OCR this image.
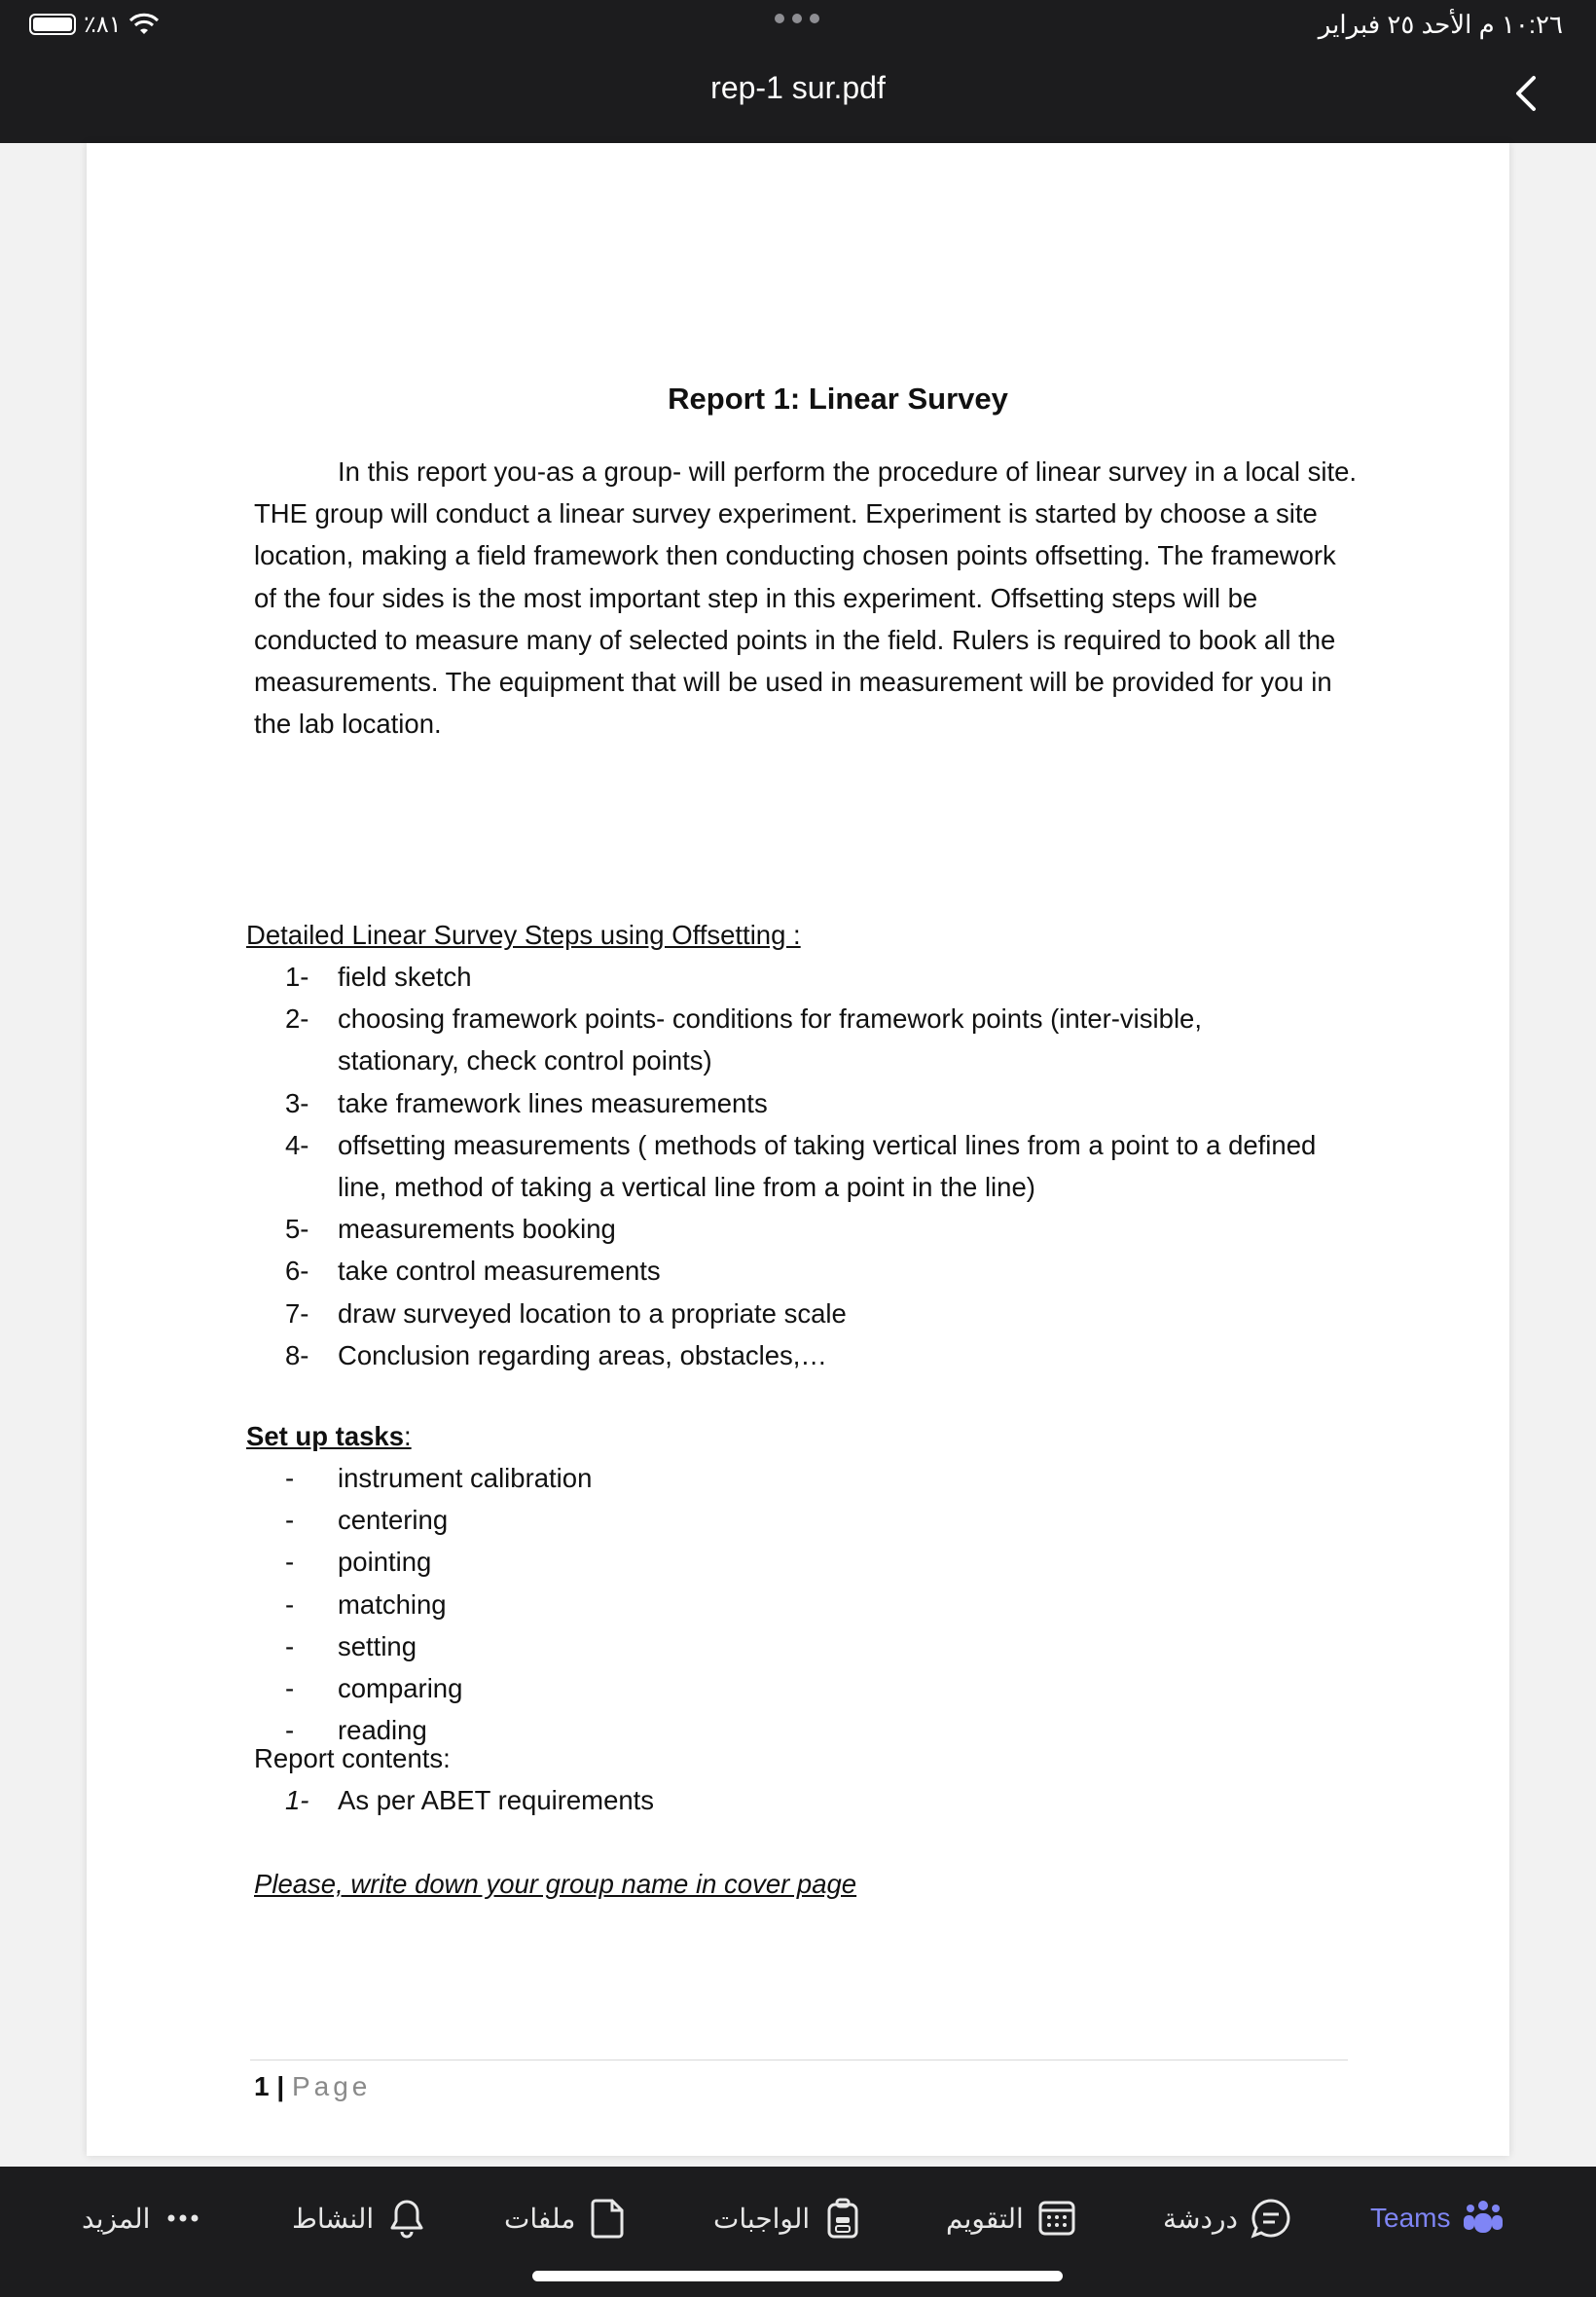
٪٨١	١٠:٢٦ م الأحد ٢٥ فبراير
rep-1 sur.pdf
Report 1: Linear Survey
In this report you-as a group- will perform the procedure of linear survey in a local site.
THE group will conduct a linear survey experiment. Experiment is started by choose a site
location, making a field framework then conducting chosen points offsetting. The framework
of the four sides is the most important step in this experiment. Offsetting steps will be
conducted to measure many of selected points in the field. Rulers is required to book all the
measurements. The equipment that will be used in measurement will be provided for you in
the lab location.
Detailed Linear Survey Steps using Offsetting :
1- field sketch
2- choosing framework points- conditions for framework points (inter-visible,
stationary, check control points)
3- take framework lines measurements
4- offsetting measurements ( methods of taking vertical lines from a point to a defined
line, method of taking a vertical line from a point in the line)
5- measurements booking
6- take control measurements
7- draw surveyed location to a propriate scale
8- Conclusion regarding areas, obstacles,…
Set up tasks:
- instrument calibration
- centering
- pointing
- matching
- setting
- comparing
- reading
Report contents:
1- As per ABET requirements
Please, write down your group name in cover page
1 | Page
Teams
دردشة
التقويم
الواجبات
ملفات
النشاط
المزيد
